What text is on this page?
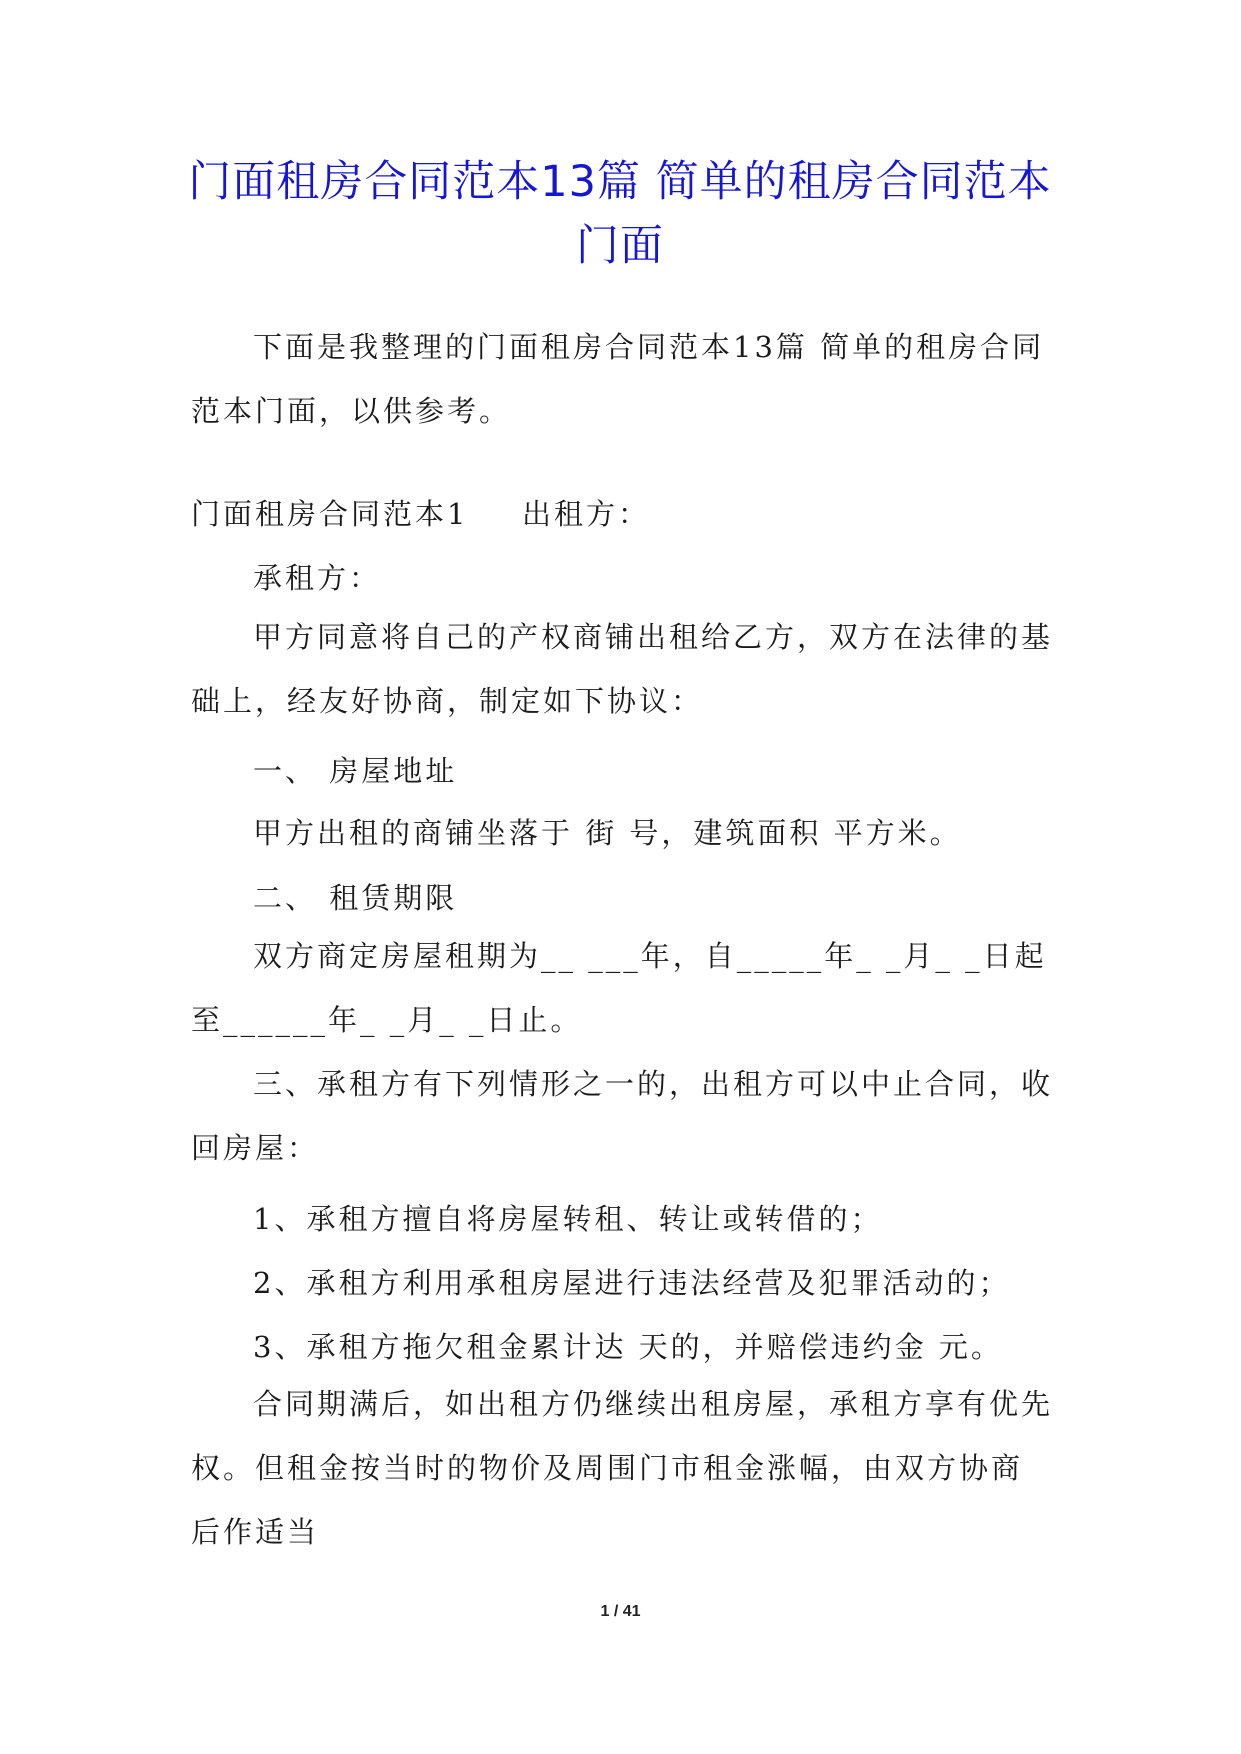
门面租房合同范本13篇 简单的租房合同范本门面

下面是我整理的门面租房合同范本13篇 简单的租房合同范本门面，以供参考。

门面租房合同范本1 出租方：

承租方：

甲方同意将自己的产权商铺出租给乙方，双方在法律的基础上，经友好协商，制定如下协议：

一、 房屋地址

甲方出租的商铺坐落于 街 号，建筑面积 平方米。

二、 租赁期限

双方商定房屋租期为__ ___年，自_____年_ _月_ _日起至______年_ _月_ _日止。

三、承租方有下列情形之一的，出租方可以中止合同，收回房屋：

1、承租方擅自将房屋转租、转让或转借的；

2、承租方利用承租房屋进行违法经营及犯罪活动的；

3、承租方拖欠租金累计达 天的，并赔偿违约金 元。

合同期满后，如出租方仍继续出租房屋，承租方享有优先权。但租金按当时的物价及周围门市租金涨幅，由双方协商后作适当

1 / 41
